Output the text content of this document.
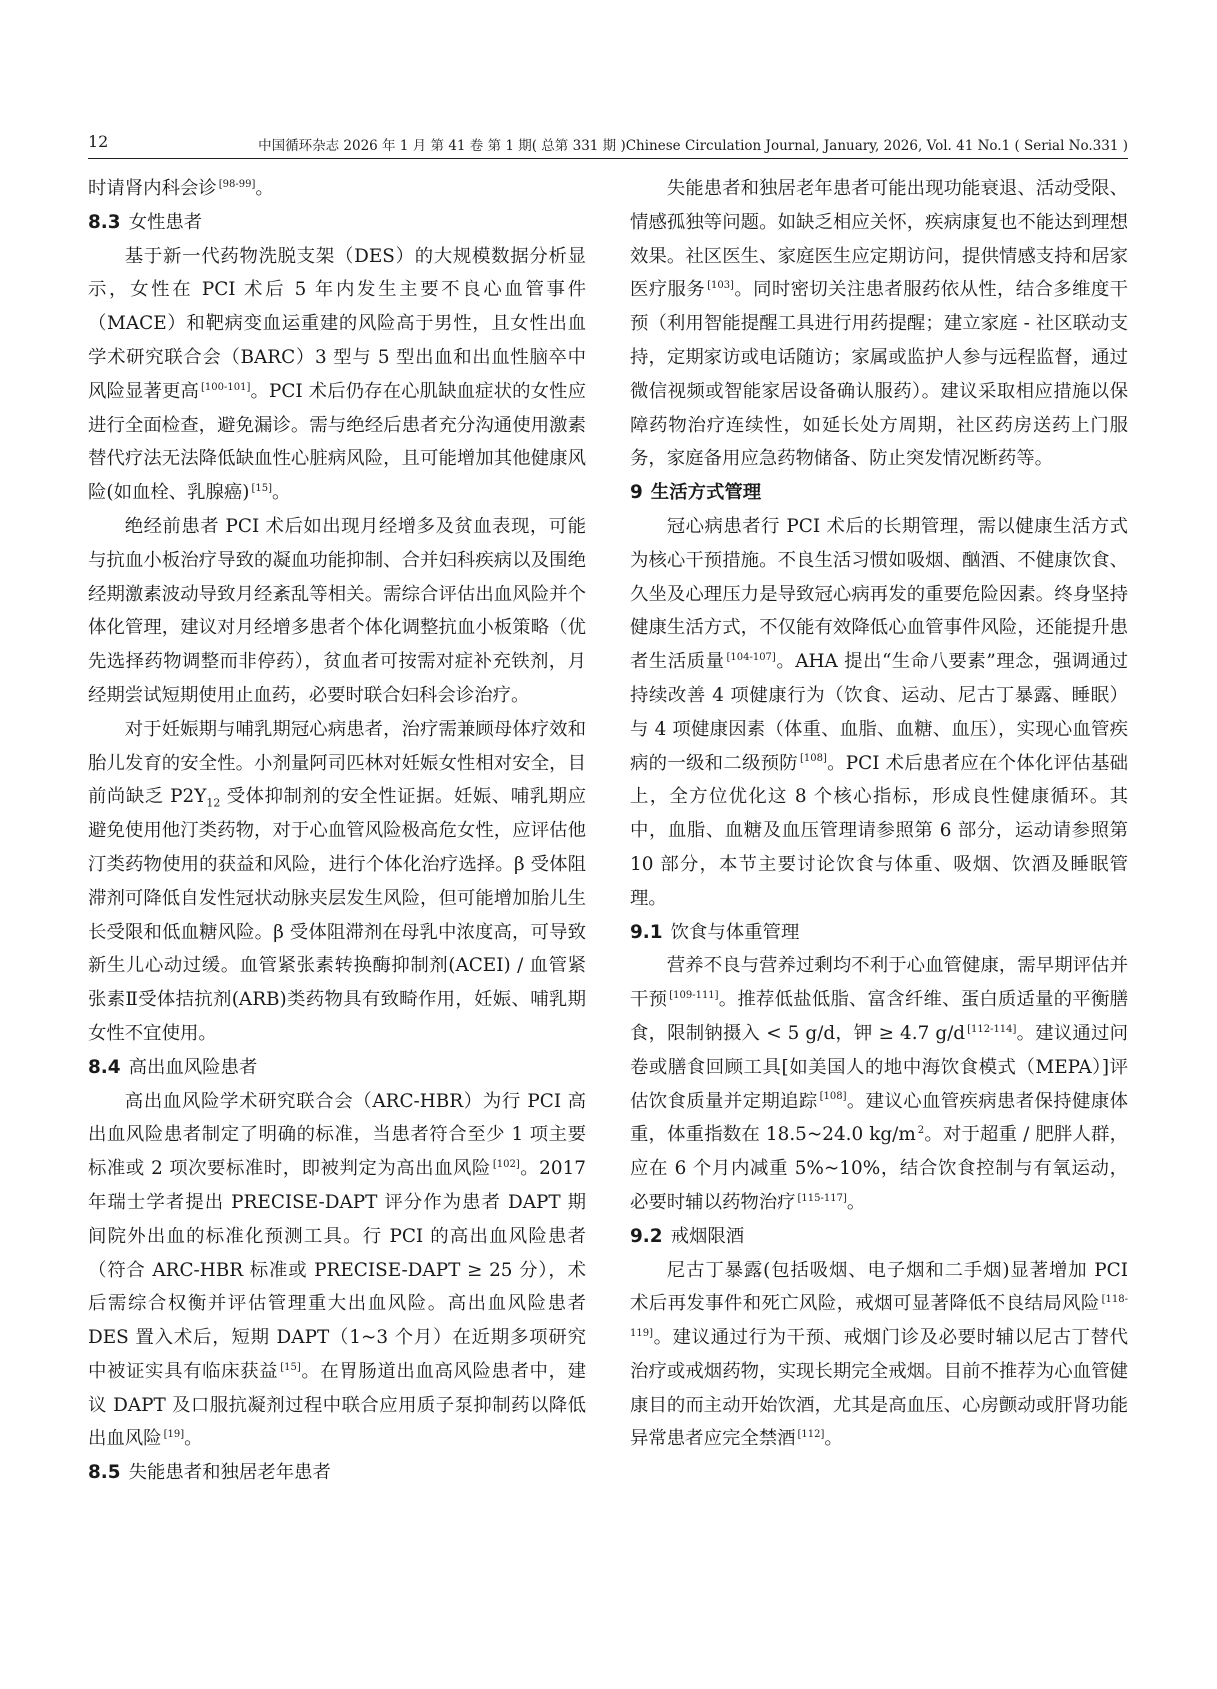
12	中国循环杂志 2026 年 1 月 第 41 卷 第 1 期( 总第 331 期 )Chinese Circulation Journal, January, 2026, Vol. 41 No.1 ( Serial No.331 )

时请肾内科会诊 [98-99]。

8.3 女性患者

基于新一代药物洗脱支架（DES）的大规模数据分析显示，女性在 PCI 术后 5 年内发生主要不良心血管事件（MACE）和靶病变血运重建的风险高于男性，且女性出血学术研究联合会（BARC）3 型与 5 型出血和出血性脑卒中风险显著更高 [100-101]。PCI 术后仍存在心肌缺血症状的女性应进行全面检查，避免漏诊。需与绝经后患者充分沟通使用激素替代疗法无法降低缺血性心脏病风险，且可能增加其他健康风险(如血栓、乳腺癌) [15]。

绝经前患者 PCI 术后如出现月经增多及贫血表现，可能与抗血小板治疗导致的凝血功能抑制、合并妇科疾病以及围绝经期激素波动导致月经紊乱等相关。需综合评估出血风险并个体化管理，建议对月经增多患者个体化调整抗血小板策略（优先选择药物调整而非停药），贫血者可按需对症补充铁剂，月经期尝试短期使用止血药，必要时联合妇科会诊治疗。

对于妊娠期与哺乳期冠心病患者，治疗需兼顾母体疗效和胎儿发育的安全性。小剂量阿司匹林对妊娠女性相对安全，目前尚缺乏 $P2Y_{12}$ 受体抑制剂的安全性证据。妊娠、哺乳期应避免使用他汀类药物，对于心血管风险极高危女性，应评估他汀类药物使用的获益和风险，进行个体化治疗选择。β 受体阻滞剂可降低自发性冠状动脉夹层发生风险，但可能增加胎儿生长受限和低血糖风险。β 受体阻滞剂在母乳中浓度高，可导致新生儿心动过缓。血管紧张素转换酶抑制剂(ACEI) / 血管紧张素Ⅱ受体拮抗剂(ARB)类药物具有致畸作用，妊娠、哺乳期女性不宜使用。

8.4 高出血风险患者

高出血风险学术研究联合会（ARC-HBR）为行 PCI 高出血风险患者制定了明确的标准，当患者符合至少 1 项主要标准或 2 项次要标准时，即被判定为高出血风险 [102]。2017 年瑞士学者提出 PRECISE-DAPT 评分作为患者 DAPT 期间院外出血的标准化预测工具。行 PCI 的高出血风险患者（符合 ARC-HBR 标准或 PRECISE-DAPT ≥ 25 分），术后需综合权衡并评估管理重大出血风险。高出血风险患者 DES 置入术后，短期 DAPT（1~3 个月）在近期多项研究中被证实具有临床获益 [15]。在胃肠道出血高风险患者中，建议 DAPT 及口服抗凝剂过程中联合应用质子泵抑制药以降低出血风险 [19]。

8.5 失能患者和独居老年患者

失能患者和独居老年患者可能出现功能衰退、活动受限、情感孤独等问题。如缺乏相应关怀，疾病康复也不能达到理想效果。社区医生、家庭医生应定期访问，提供情感支持和居家医疗服务 [103]。同时密切关注患者服药依从性，结合多维度干预（利用智能提醒工具进行用药提醒；建立家庭 - 社区联动支持，定期家访或电话随访；家属或监护人参与远程监督，通过微信视频或智能家居设备确认服药）。建议采取相应措施以保障药物治疗连续性，如延长处方周期，社区药房送药上门服务，家庭备用应急药物储备、防止突发情况断药等。

9 生活方式管理

冠心病患者行 PCI 术后的长期管理，需以健康生活方式为核心干预措施。不良生活习惯如吸烟、酗酒、不健康饮食、久坐及心理压力是导致冠心病再发的重要危险因素。终身坚持健康生活方式，不仅能有效降低心血管事件风险，还能提升患者生活质量 [104-107]。AHA 提出“生命八要素”理念，强调通过持续改善 4 项健康行为（饮食、运动、尼古丁暴露、睡眠）与 4 项健康因素（体重、血脂、血糖、血压），实现心血管疾病的一级和二级预防 [108]。PCI 术后患者应在个体化评估基础上，全方位优化这 8 个核心指标，形成良性健康循环。其中，血脂、血糖及血压管理请参照第 6 部分，运动请参照第 10 部分，本节主要讨论饮食与体重、吸烟、饮酒及睡眠管理。

9.1 饮食与体重管理

营养不良与营养过剩均不利于心血管健康，需早期评估并干预 [109-111]。推荐低盐低脂、富含纤维、蛋白质适量的平衡膳食，限制钠摄入 < 5 g/d，钾 ≥ 4.7 g/d [112-114]。建议通过问卷或膳食回顾工具[如美国人的地中海饮食模式（MEPA）]评估饮食质量并定期追踪 [108]。建议心血管疾病患者保持健康体重，体重指数在 18.5~24.0 kg/m $^2$。对于超重 / 肥胖人群，应在 6 个月内减重 5%~10%，结合饮食控制与有氧运动，必要时辅以药物治疗 [115-117]。

9.2 戒烟限酒

尼古丁暴露(包括吸烟、电子烟和二手烟)显著增加 PCI 术后再发事件和死亡风险，戒烟可显著降低不良结局风险 [118-119]。建议通过行为干预、戒烟门诊及必要时辅以尼古丁替代治疗或戒烟药物，实现长期完全戒烟。目前不推荐为心血管健康目的而主动开始饮酒，尤其是高血压、心房颤动或肝肾功能异常患者应完全禁酒 [112]。
